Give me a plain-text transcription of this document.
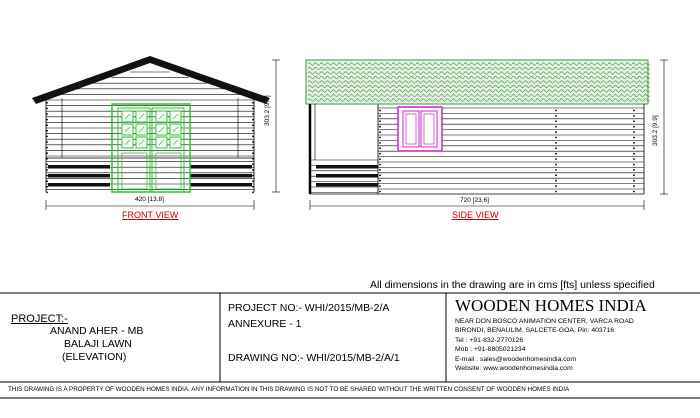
FRONT VIEW	SIDE VIEW
420 [13.8]	720 [23.6]
303.2 [9.9]
303.2 [9.9]
All dimensions in the drawing are in cms [fts] unless specified
PROJECT:-
ANAND AHER - MB
BALAJI LAWN
(ELEVATION)
PROJECT NO:- WHI/2015/MB-2/A
ANNEXURE - 1
DRAWING NO:- WHI/2015/MB-2/A/1
WOODEN HOMES INDIA
NEAR DON BOSCO ANIMATION CENTER, VARCA ROAD
BIRONDI, BENAULIM, SALCETE-GOA. Pin: 403716
Tel : +91-832-2770126
Mob : +91-8805021234
E-mail : sales@woodenhomesindia.com
Website: www.woodenhomesindia.com
THIS DRAWING IS A PROPERTY OF WOODEN HOMES INDIA. ANY INFORMATION IN THIS DRAWING IS NOT TO BE SHARED WITHOUT THE WRITTEN CONSENT OF WOODEN HOMES INDIA
